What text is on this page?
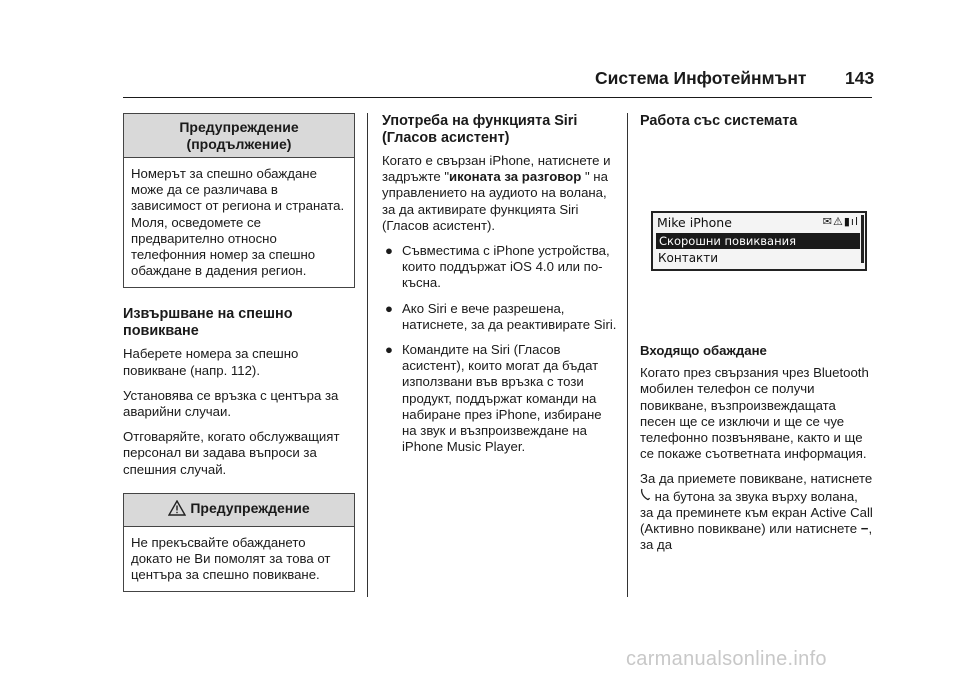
Система Инфотейнмънт 143
Предупреждение (продължение)
Номерът за спешно обаждане може да се различава в зависимост от региона и страната. Моля, осведомете се предварително относно телефонния номер за спешно обаждане в дадения регион.
Извършване на спешно повикване

Наберете номера за спешно повикване (напр. 112).

Установява се връзка с центъра за аварийни случаи.

Отговаряйте, когато обслужващият персонал ви задава въпроси за спешния случай.

Предупреждение
Не прекъсвайте обаждането докато не Ви помолят за това от центъра за спешно повикване.
Употреба на функцията Siri (Гласов асистент)

Когато е свързан iPhone, натиснете и задръжте "иконата за разговор " на управлението на аудиото на волана, за да активирате функцията Siri (Гласов асистент).

● Съвместима с iPhone устройства, които поддържат iOS 4.0 или по-късна.
● Ако Siri е вече разрешена, натиснете, за да реактивирате Siri.
● Командите на Siri (Гласов асистент), които могат да бъдат използвани във връзка с този продукт, поддържат команди на набиране през iPhone, избиране на звук и възпроизвеждане на iPhone Music Player.
Работа със системата
Mike iPhone	✉⚠▮ıl
Скорошни повиквания
Контакти
Входящо обаждане

Когато през свързания чрез Bluetooth мобилен телефон се получи повикване, възпроизвеждащата песен ще се изключи и ще се чуе телефонно позвъняване, както и ще се покаже съответната информация.

За да приемете повикване, натиснете  на бутона за звука върху волана, за да преминете към екран Active Call (Активно повикване) или натиснете −, за да

carmanualsonline.info
